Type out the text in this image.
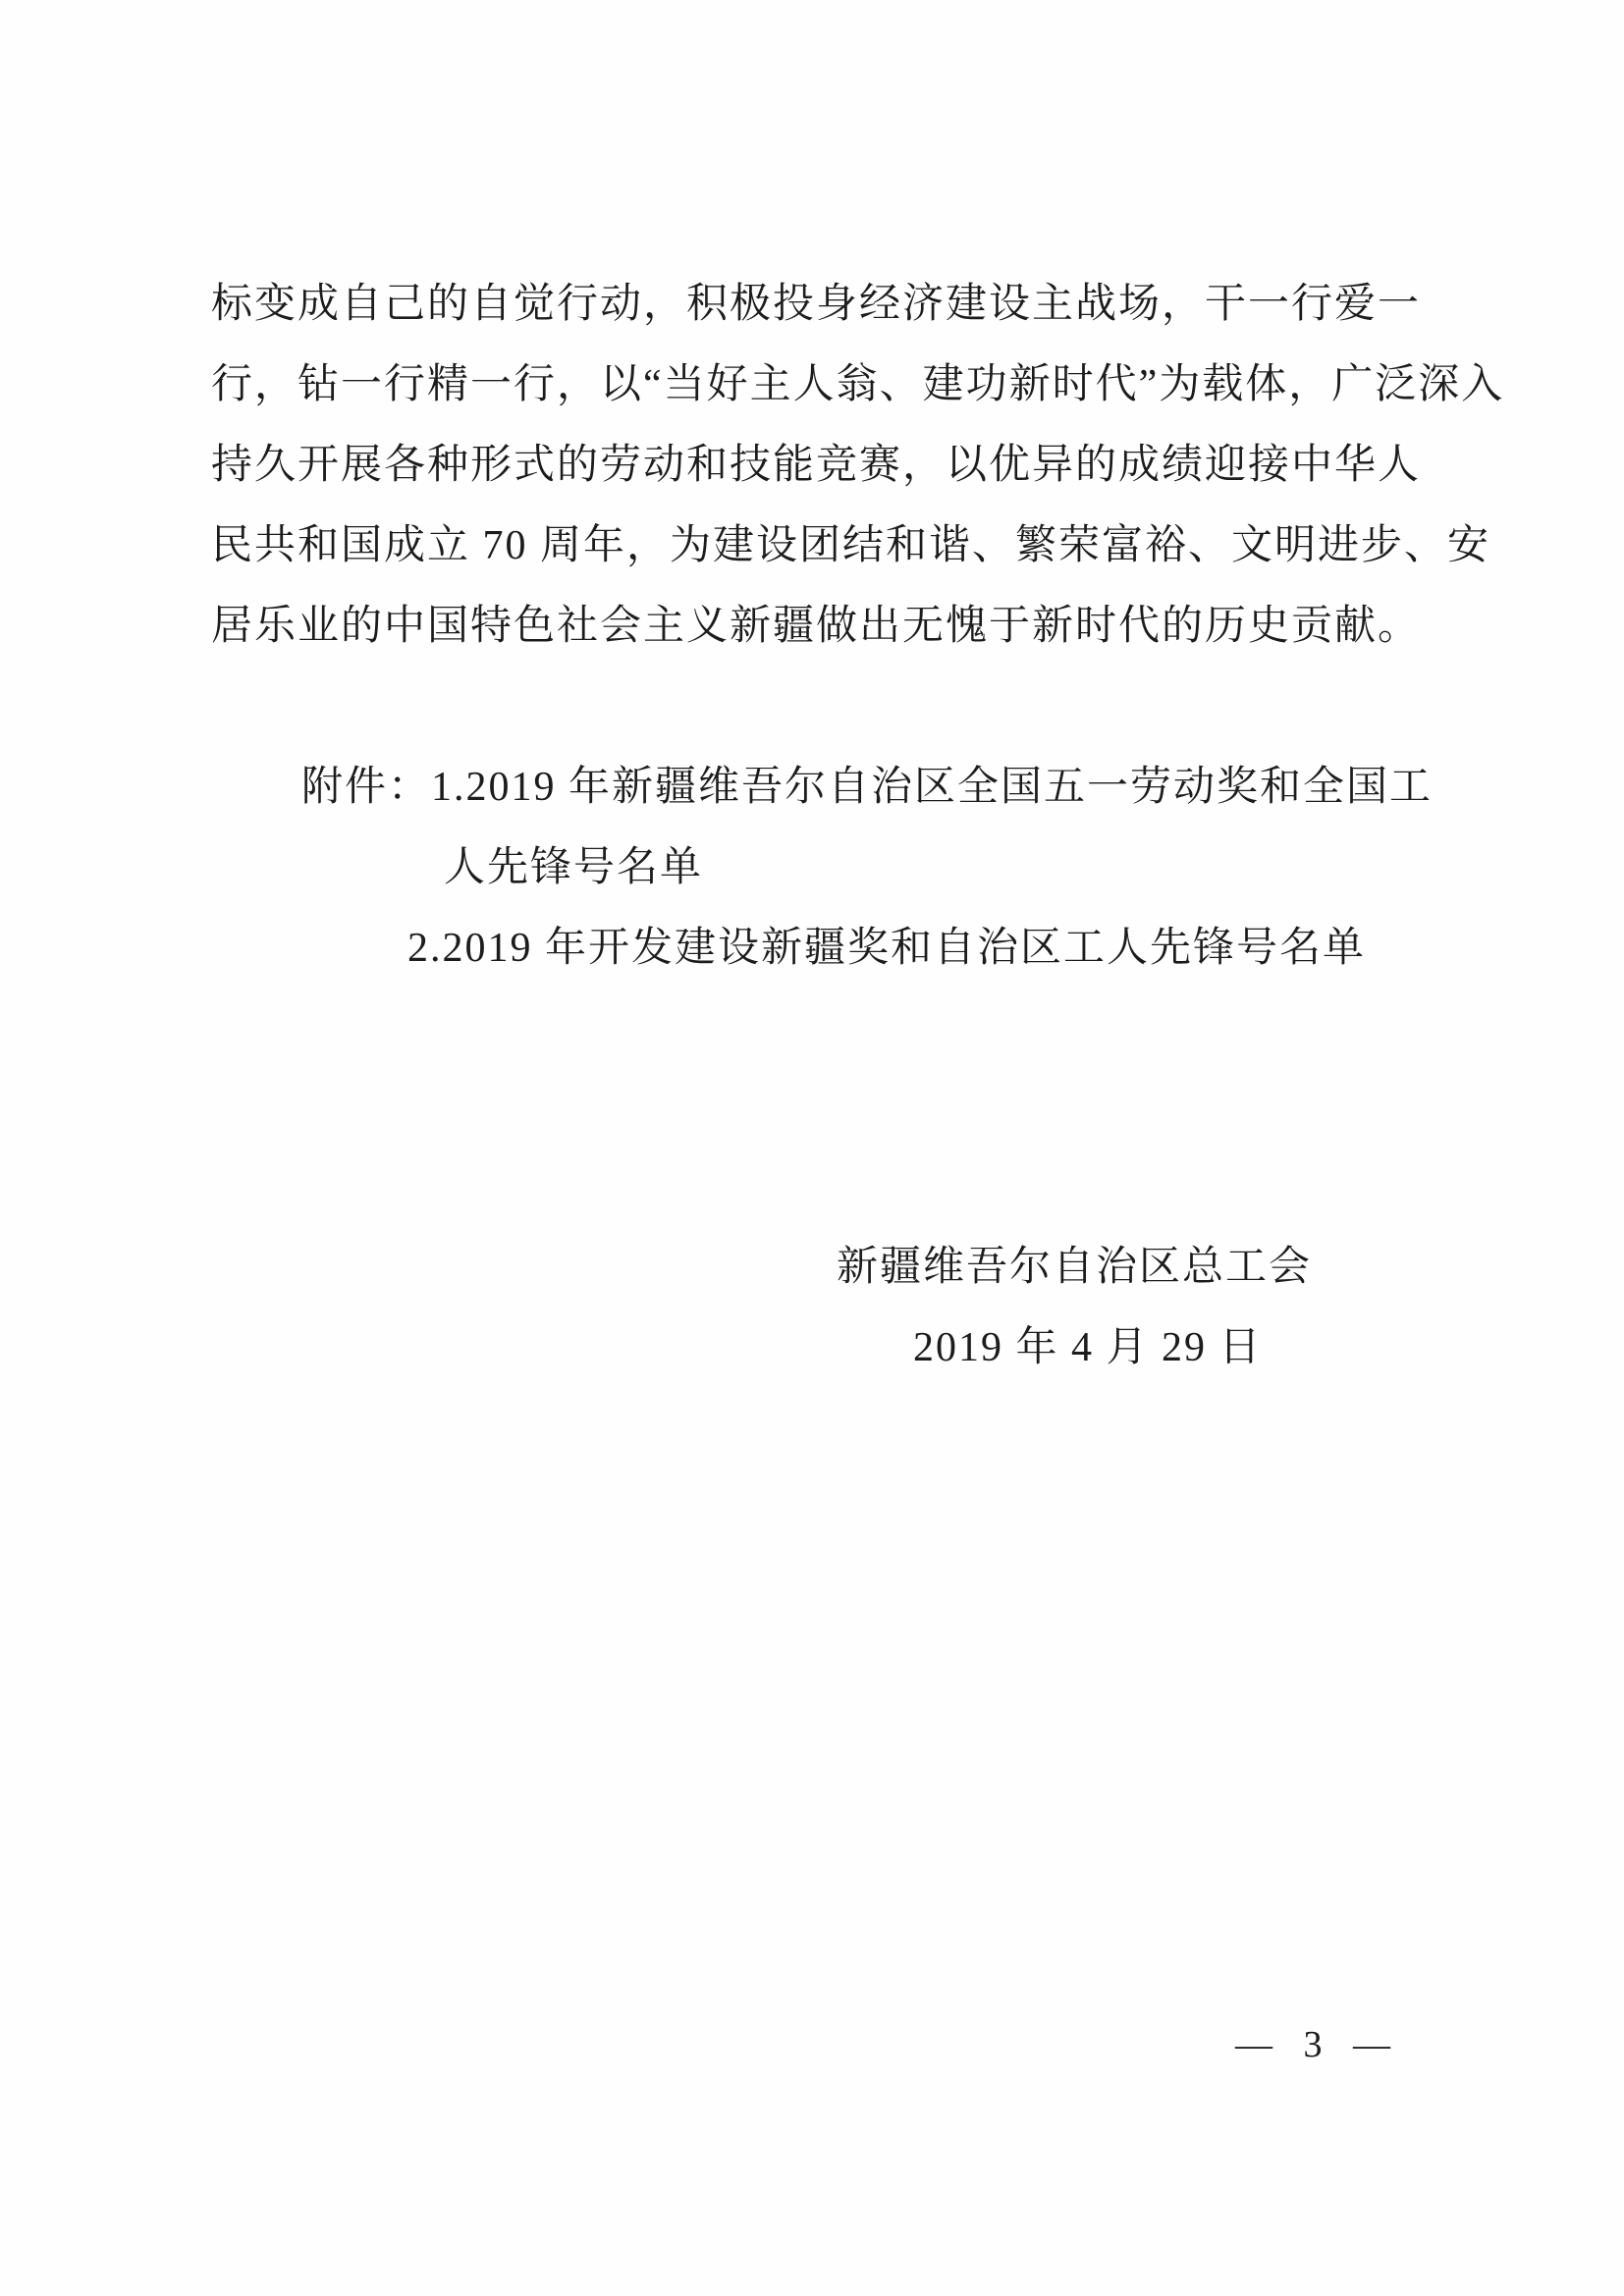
标变成自己的自觉行动，积极投身经济建设主战场，干一行爱一
行，钻一行精一行，以“当好主人翁、建功新时代”为载体，广泛深入
持久开展各种形式的劳动和技能竞赛，以优异的成绩迎接中华人
民共和国成立 70 周年，为建设团结和谐、繁荣富裕、文明进步、安
居乐业的中国特色社会主义新疆做出无愧于新时代的历史贡献。
附件：1.2019 年新疆维吾尔自治区全国五一劳动奖和全国工
人先锋号名单
2.2019 年开发建设新疆奖和自治区工人先锋号名单
新疆维吾尔自治区总工会
2019 年 4 月 29 日
— 3 —
